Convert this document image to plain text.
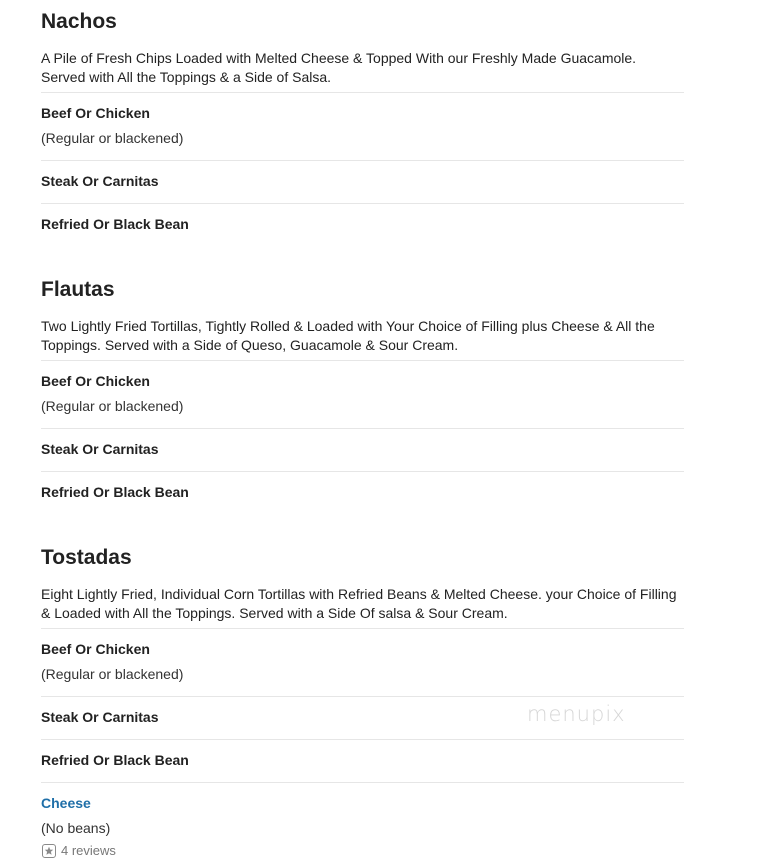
Nachos

A Pile of Fresh Chips Loaded with Melted Cheese & Topped With our Freshly Made Guacamole. Served with All the Toppings & a Side of Salsa.

Beef Or Chicken

(Regular or blackened)

Steak Or Carnitas

Refried Or Black Bean

Flautas

Two Lightly Fried Tortillas, Tightly Rolled & Loaded with Your Choice of Filling plus Cheese & All the Toppings. Served with a Side of Queso, Guacamole & Sour Cream.

Beef Or Chicken

(Regular or blackened)

Steak Or Carnitas

Refried Or Black Bean

Tostadas

Eight Lightly Fried, Individual Corn Tortillas with Refried Beans & Melted Cheese. your Choice of Filling & Loaded with All the Toppings. Served with a Side Of salsa & Sour Cream.

Beef Or Chicken

(Regular or blackened)

Steak Or Carnitas

Refried Or Black Bean

Cheese

(No beans)

4 reviews
menupix
